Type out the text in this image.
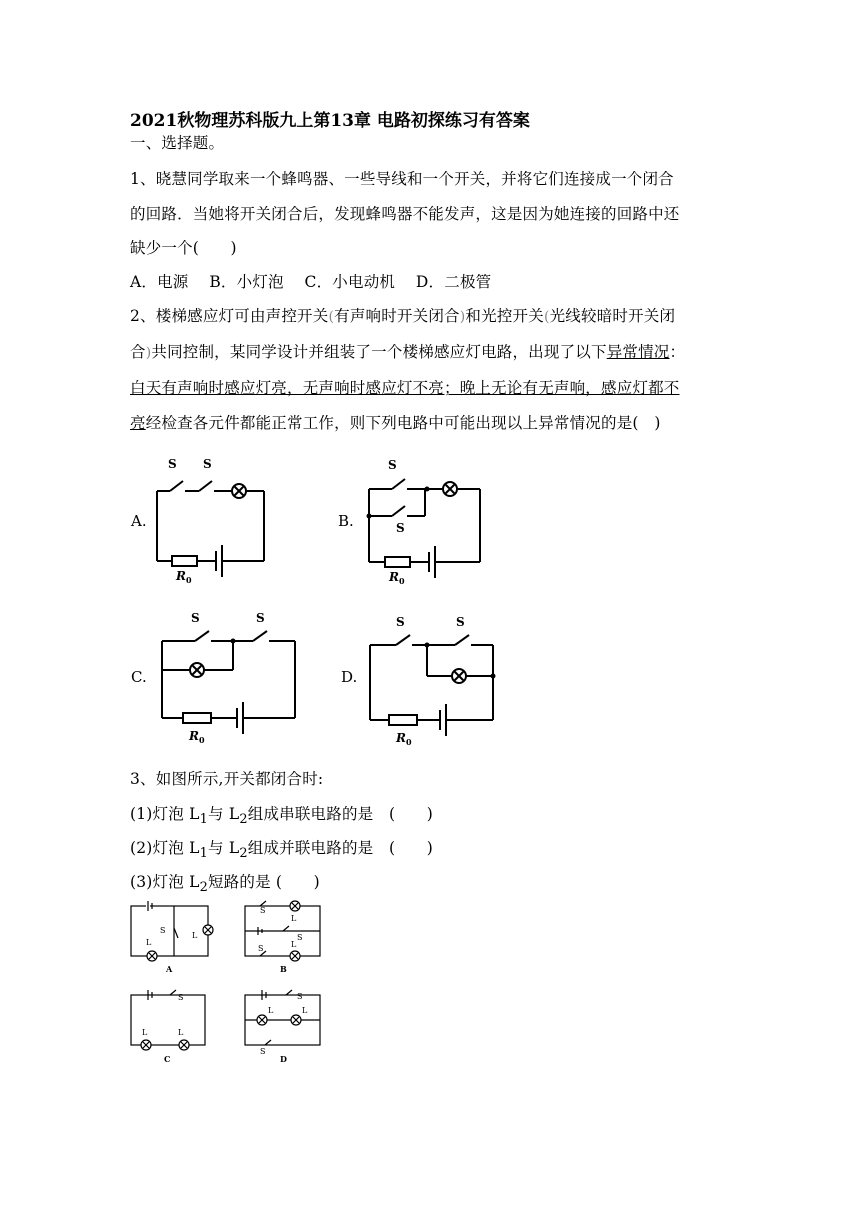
2021秋物理苏科版九上第13章 电路初探练习有答案
一、选择题。
1、晓慧同学取来一个蜂鸣器、一些导线和一个开关，并将它们连接成一个闭合
的回路．当她将开关闭合后，发现蜂鸣器不能发声，这是因为她连接的回路中还
缺少一个(　　)
A．电源　 B．小灯泡　 C．小电动机　 D．二极管
2、楼梯感应灯可由声控开关(有声响时开关闭合)和光控开关(光线较暗时开关闭
合)共同控制，某同学设计并组装了一个楼梯感应灯电路，出现了以下异常情况：
白天有声响时感应灯亮，无声响时感应灯不亮；晚上无论有无声响，感应灯都不
亮经检查各元件都能正常工作，则下列电路中可能出现以上异常情况的是(　)
A.	B.
C.	D.
S S	S
S
S	S	S	S
R	R
R	R
0	0
0	0
3、如图所示,开关都闭合时:
(1)灯泡 $L_1$与 $L_2$组成串联电路的是　(　　)
(2)灯泡 $L_1$与 $L_2$组成并联电路的是　(　　)
(3)灯泡 $L_2$短路的是 (　　)
S
L
L
S
L
S
S	L
S
L	L
S
L	L
S
A	B
C	D
